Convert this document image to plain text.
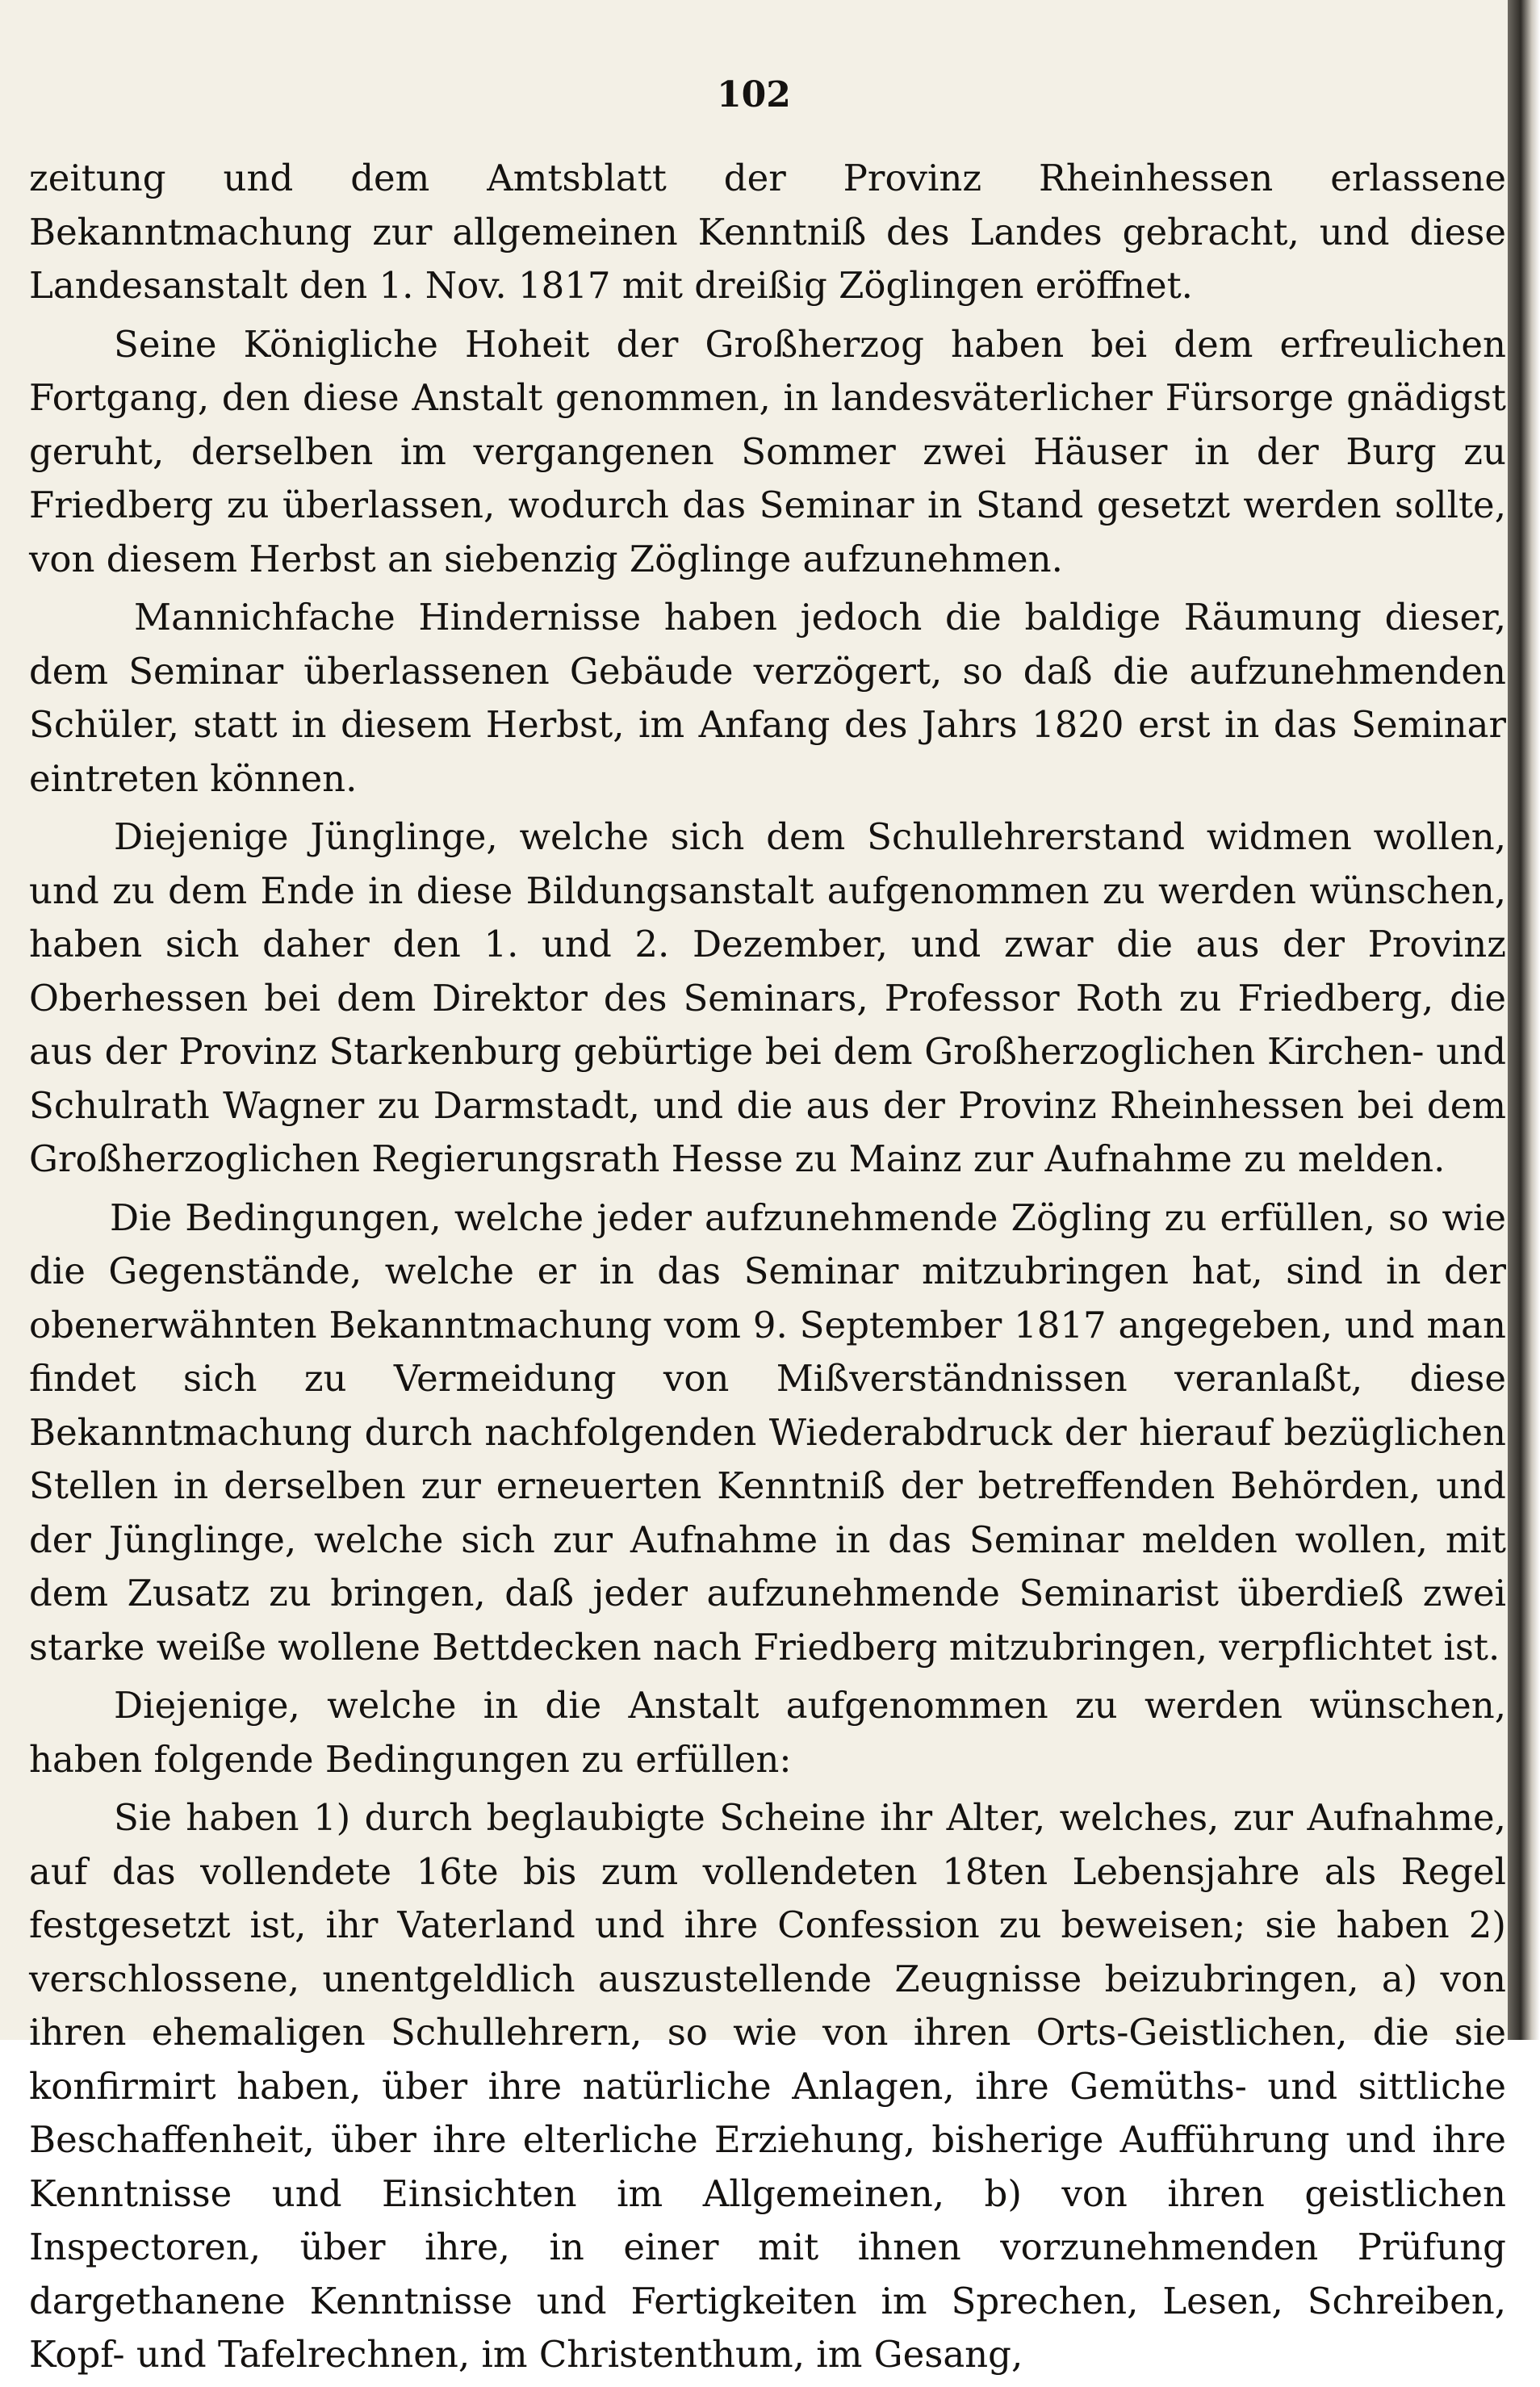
102

zeitung und dem Amtsblatt der Provinz Rheinhessen erlassene Bekanntmachung zur allgemeinen Kenntniß des Landes gebracht, und diese Landesanstalt den 1. Nov. 1817 mit dreißig Zöglingen eröffnet.

Seine Königliche Hoheit der Großherzog haben bei dem erfreulichen Fortgang, den diese Anstalt genommen, in landesväterlicher Fürsorge gnädigst geruht, derselben im vergangenen Sommer zwei Häuser in der Burg zu Friedberg zu überlassen, wodurch das Seminar in Stand gesetzt werden sollte, von diesem Herbst an siebenzig Zöglinge aufzunehmen.

Mannichfache Hindernisse haben jedoch die baldige Räumung dieser, dem Seminar überlassenen Gebäude verzögert, so daß die aufzunehmenden Schüler, statt in diesem Herbst, im Anfang des Jahrs 1820 erst in das Seminar eintreten können.

Diejenige Jünglinge, welche sich dem Schullehrerstand widmen wollen, und zu dem Ende in diese Bildungsanstalt aufgenommen zu werden wünschen, haben sich daher den 1. und 2. Dezember, und zwar die aus der Provinz Oberhessen bei dem Direktor des Seminars, Professor Roth zu Friedberg, die aus der Provinz Starkenburg gebürtige bei dem Großherzoglichen Kirchen- und Schulrath Wagner zu Darmstadt, und die aus der Provinz Rheinhessen bei dem Großherzoglichen Regierungsrath Hesse zu Mainz zur Aufnahme zu melden.

Die Bedingungen, welche jeder aufzunehmende Zögling zu erfüllen, so wie die Gegenstände, welche er in das Seminar mitzubringen hat, sind in der obenerwähnten Bekanntmachung vom 9. September 1817 angegeben, und man findet sich zu Vermeidung von Mißverständnissen veranlaßt, diese Bekanntmachung durch nachfolgenden Wiederabdruck der hierauf bezüglichen Stellen in derselben zur erneuerten Kenntniß der betreffenden Behörden, und der Jünglinge, welche sich zur Aufnahme in das Seminar melden wollen, mit dem Zusatz zu bringen, daß jeder aufzunehmende Seminarist überdieß zwei starke weiße wollene Bettdecken nach Friedberg mitzubringen, verpflichtet ist.

Diejenige, welche in die Anstalt aufgenommen zu werden wünschen, haben folgende Bedingungen zu erfüllen:

Sie haben 1) durch beglaubigte Scheine ihr Alter, welches, zur Aufnahme, auf das vollendete 16te bis zum vollendeten 18ten Lebensjahre als Regel festgesetzt ist, ihr Vaterland und ihre Confession zu beweisen; sie haben 2) verschlossene, unentgeldlich auszustellende Zeugnisse beizubringen, a) von ihren ehemaligen Schullehrern, so wie von ihren Orts-Geistlichen, die sie konfirmirt haben, über ihre natürliche Anlagen, ihre Gemüths- und sittliche Beschaffenheit, über ihre elterliche Erziehung, bisherige Aufführung und ihre Kenntnisse und Einsichten im Allgemeinen, b) von ihren geistlichen Inspectoren, über ihre, in einer mit ihnen vorzunehmenden Prüfung dargethanene Kenntnisse und Fertigkeiten im Sprechen, Lesen, Schreiben, Kopf- und Tafelrechnen, im Christenthum, im Gesang,
